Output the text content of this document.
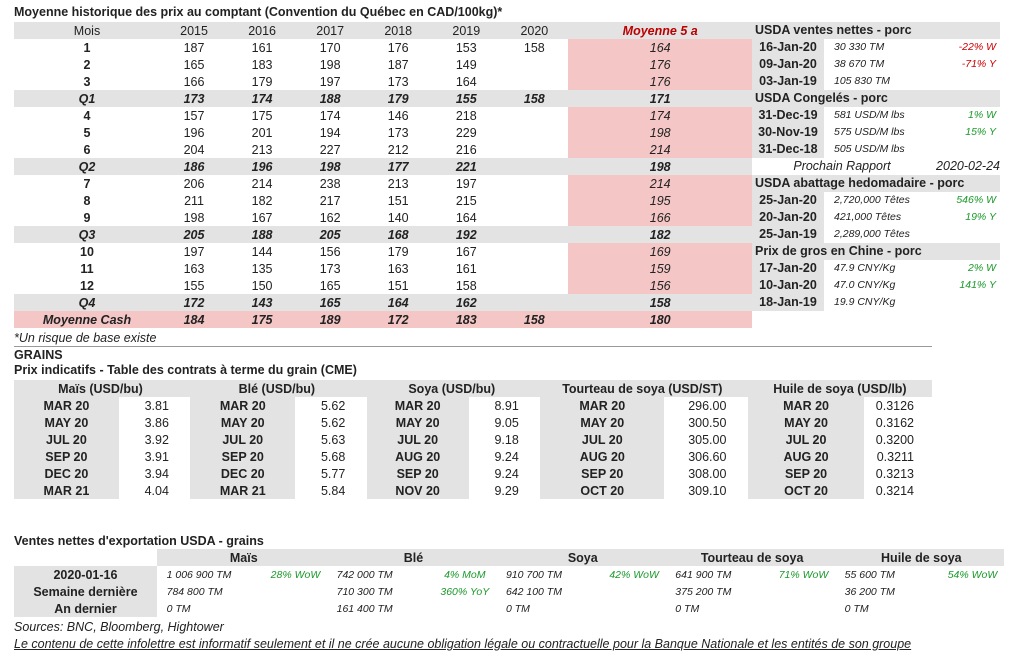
Moyenne historique des prix au comptant (Convention du Québec en CAD/100kg)*
Mois	2015	2016	2017	2018	2019	2020	Moyenne 5 a
1	187	161	170	176	153	158	164
2	165	183	198	187	149		176
3	166	179	197	173	164		176
Q1	173	174	188	179	155	158	171
4	157	175	174	146	218		174
5	196	201	194	173	229		198
6	204	213	227	212	216		214
Q2	186	196	198	177	221		198
7	206	214	238	213	197		214
8	211	182	217	151	215		195
9	198	167	162	140	164		166
Q3	205	188	205	168	192		182
10	197	144	156	179	167		169
11	163	135	173	163	161		159
12	155	150	165	151	158		156
Q4	172	143	165	164	162		158
Moyenne Cash	184	175	189	172	183	158	180
*Un risque de base existe
USDA ventes nettes - porc
16-Jan-20	30 330 TM	-22% W
09-Jan-20	38 670 TM	-71% Y
03-Jan-19	105 830 TM
USDA Congelés - porc
31-Dec-19	581 USD/M lbs	1% W
30-Nov-19	575 USD/M lbs	15% Y
31-Dec-18	505 USD/M lbs
Prochain Rapport	2020-02-24
USDA abattage hedomadaire - porc
25-Jan-20	2,720,000 Têtes	546% W
20-Jan-20	421,000 Têtes	19% Y
25-Jan-19	2,289,000 Têtes
Prix de gros en Chine - porc
17-Jan-20	47.9 CNY/Kg	2% W
10-Jan-20	47.0 CNY/Kg	141% Y
18-Jan-19	19.9 CNY/Kg
GRAINS
Prix indicatifs - Table des contrats à terme du grain (CME)
Maïs (USD/bu)			Blé (USD/bu)			Soya (USD/bu)			Tourteau de soya (USD/ST)			Huile de soya (USD/lb)	
MAR 20	3.81		MAR 20	5.62		MAR 20	8.91		MAR 20	296.00		MAR 20	0.3126
MAY 20	3.86		MAY 20	5.62		MAY 20	9.05		MAY 20	300.50		MAY 20	0.3162
JUL 20	3.92		JUL 20	5.63		JUL 20	9.18		JUL 20	305.00		JUL 20	0.3200
SEP 20	3.91		SEP 20	5.68		AUG 20	9.24		AUG 20	306.60		AUG 20	0.3211
DEC 20	3.94		DEC 20	5.77		SEP 20	9.24		SEP 20	308.00		SEP 20	0.3213
MAR 21	4.04		MAR 21	5.84		NOV 20	9.29		OCT 20	309.10		OCT 20	0.3214
Ventes nettes d'exportation USDA - grains
		Maïs			Blé			Soya			Tourteau de soya			Huile de soya	
2020-01-16		1 006 900 TM	28% WoW		742 000 TM	4% MoM		910 700 TM	42% WoW		641 900 TM	71% WoW		55 600 TM	54% WoW
Semaine dernière		784 800 TM			710 300 TM	360% YoY		642 100 TM			375 200 TM			36 200 TM	
An dernier		0 TM			161 400 TM			0 TM			0 TM			0 TM	
Sources: BNC, Bloomberg, Hightower
Le contenu de cette infolettre est informatif seulement et il ne crée aucune obligation légale ou contractuelle pour la Banque Nationale et les entités de son groupe
